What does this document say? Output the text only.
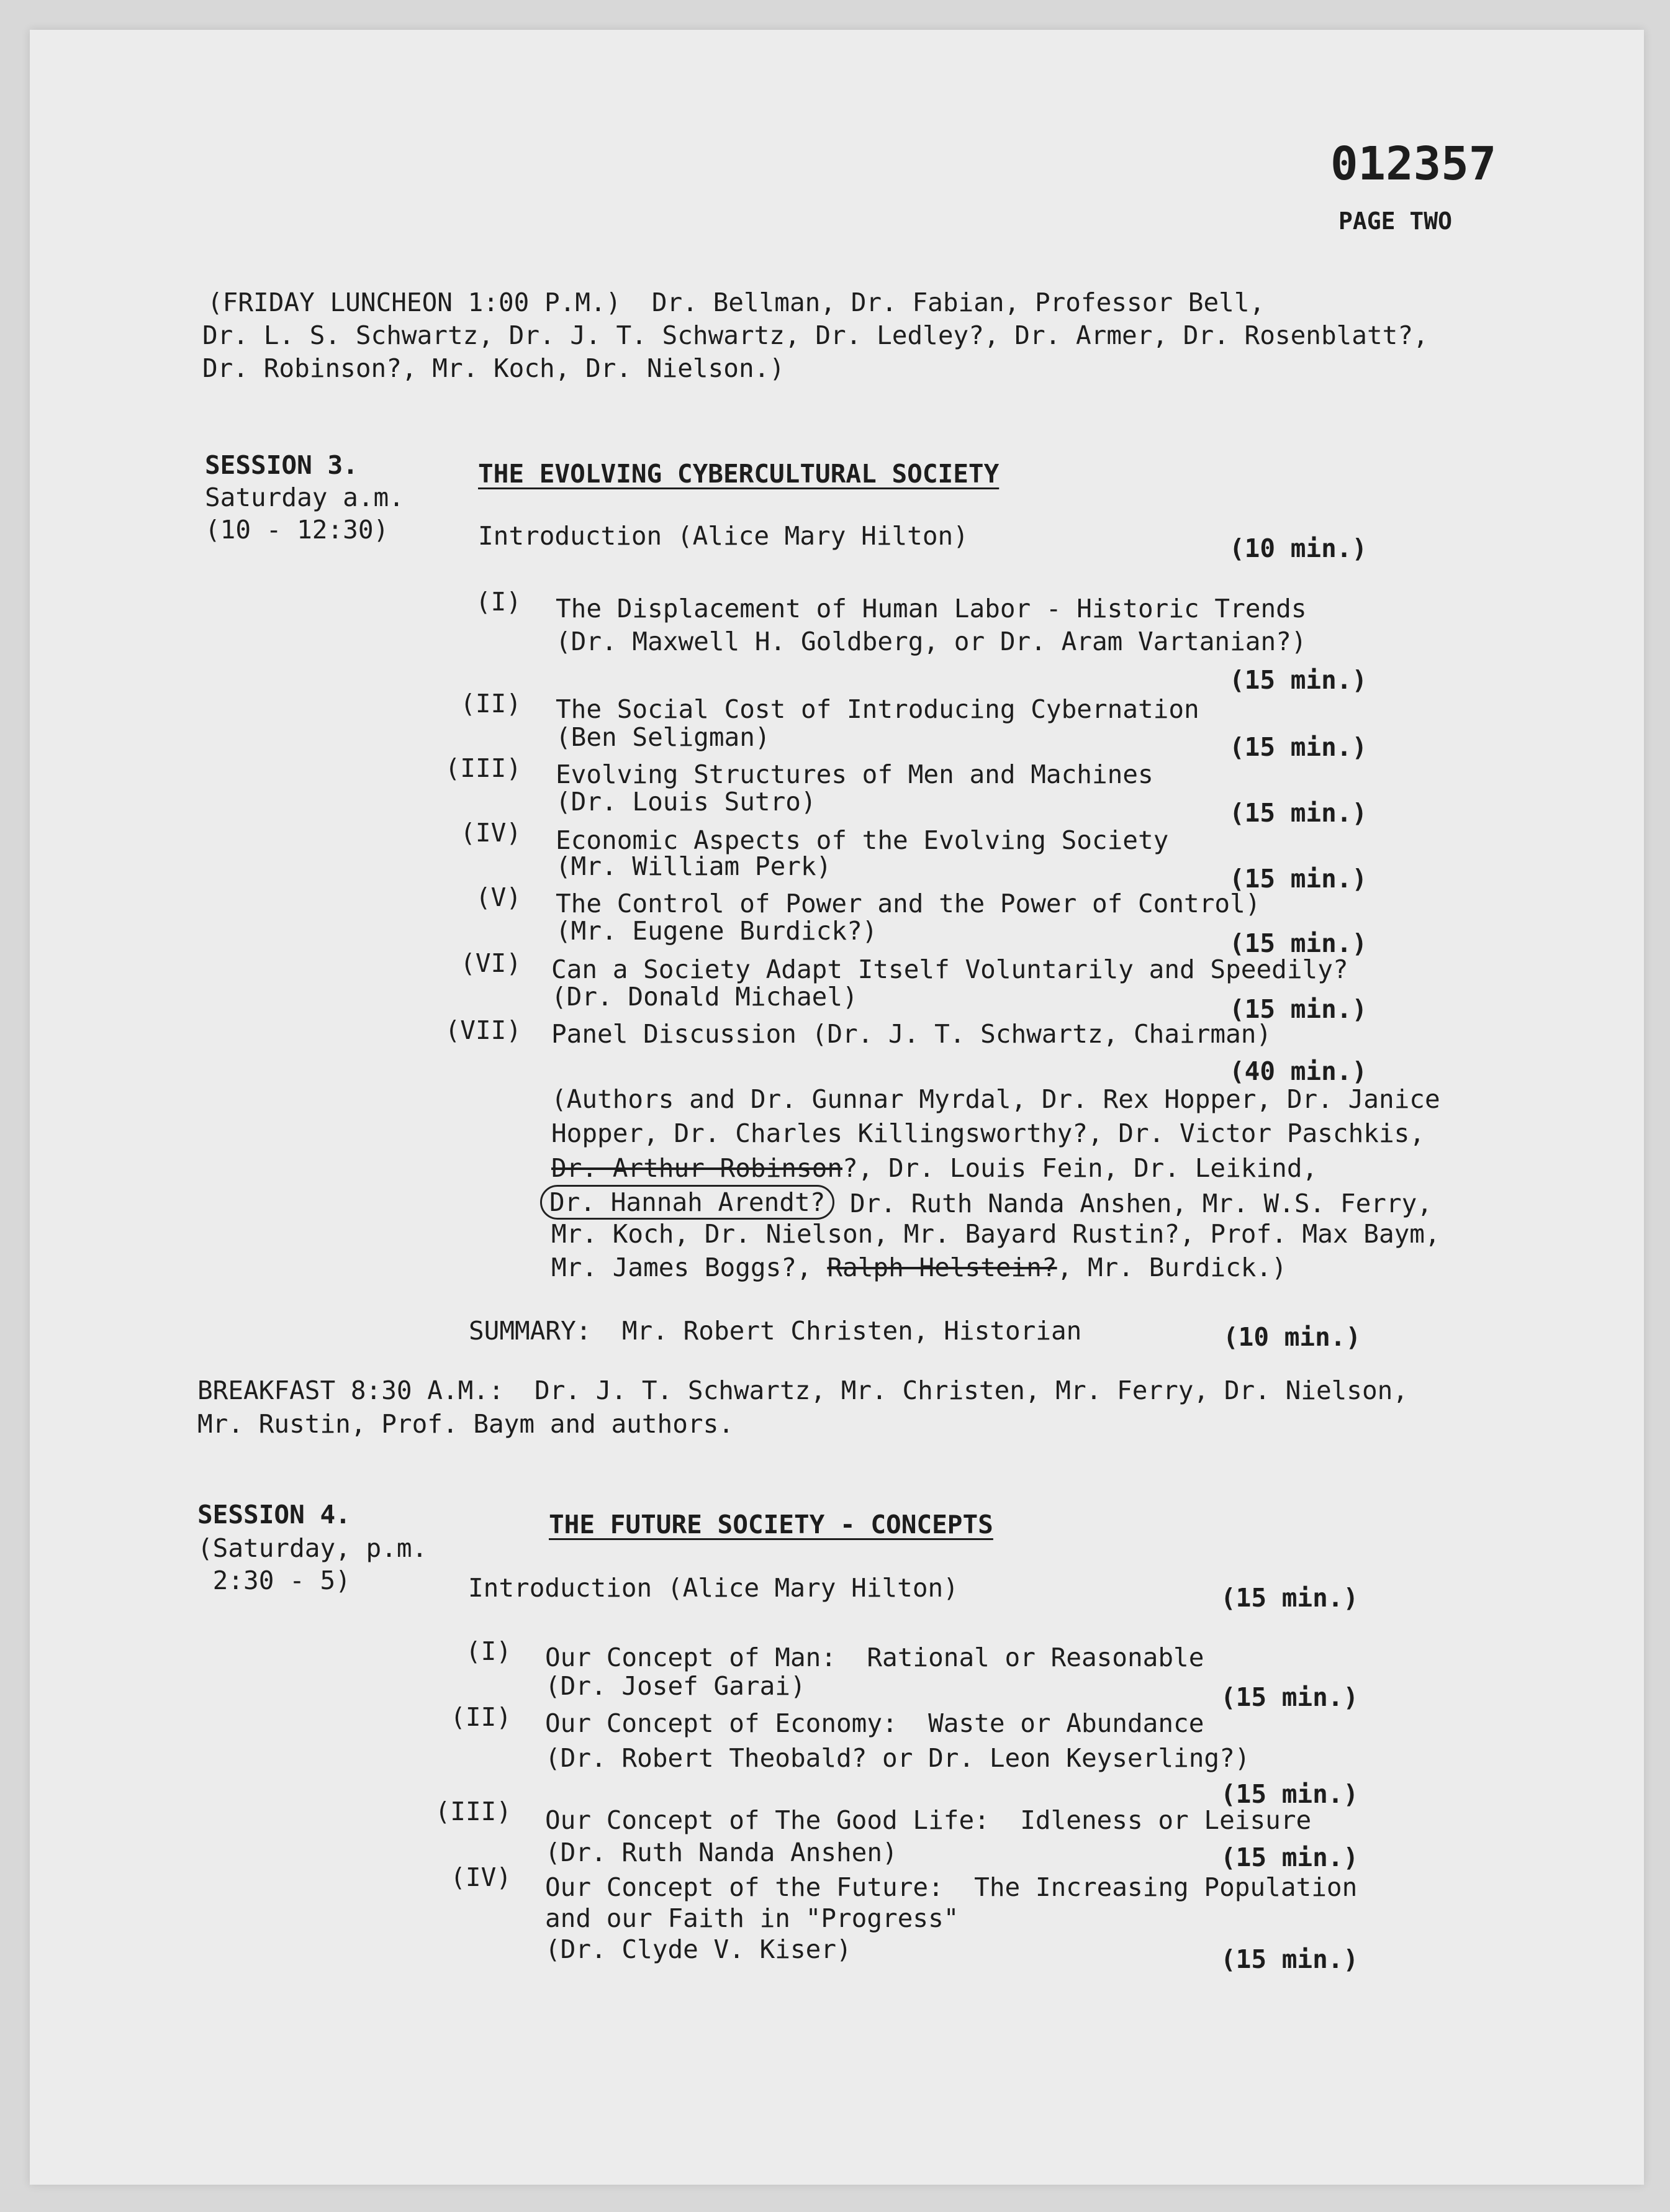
012357
PAGE TWO
(FRIDAY LUNCHEON 1:00 P.M.)  Dr. Bellman, Dr. Fabian, Professor Bell,
Dr. L. S. Schwartz, Dr. J. T. Schwartz, Dr. Ledley?, Dr. Armer, Dr. Rosenblatt?,
Dr. Robinson?, Mr. Koch, Dr. Nielson.)
SESSION 3.
Saturday a.m.
(10 - 12:30)
THE EVOLVING CYBERCULTURAL SOCIETY
Introduction (Alice Mary Hilton)	(10 min.)
(I) The Displacement of Human Labor - Historic Trends
(Dr. Maxwell H. Goldberg, or Dr. Aram Vartanian?)
(15 min.)
(II) The Social Cost of Introducing Cybernation
(Ben Seligman)	(15 min.)
(III) Evolving Structures of Men and Machines
(Dr. Louis Sutro)	(15 min.)
(IV) Economic Aspects of the Evolving Society
(Mr. William Perk)	(15 min.)
(V) The Control of Power and the Power of Control)
(Mr. Eugene Burdick?)	(15 min.)
(VI) Can a Society Adapt Itself Voluntarily and Speedily?
(Dr. Donald Michael)	(15 min.)
(VII) Panel Discussion (Dr. J. T. Schwartz, Chairman)
(40 min.)
(Authors and Dr. Gunnar Myrdal, Dr. Rex Hopper, Dr. Janice
Hopper, Dr. Charles Killingsworthy?, Dr. Victor Paschkis,
Dr. Arthur Robinson?, Dr. Louis Fein, Dr. Leikind,
Dr. Hannah Arendt? Dr. Ruth Nanda Anshen, Mr. W.S. Ferry,
Mr. Koch, Dr. Nielson, Mr. Bayard Rustin?, Prof. Max Baym,
Mr. James Boggs?, Ralph Helstein?, Mr. Burdick.)
SUMMARY:  Mr. Robert Christen, Historian	(10 min.)
BREAKFAST 8:30 A.M.:  Dr. J. T. Schwartz, Mr. Christen, Mr. Ferry, Dr. Nielson,
Mr. Rustin, Prof. Baym and authors.
SESSION 4.
(Saturday, p.m.
2:30 - 5)
THE FUTURE SOCIETY - CONCEPTS
Introduction (Alice Mary Hilton)	(15 min.)
(I) Our Concept of Man:  Rational or Reasonable
(Dr. Josef Garai)	(15 min.)
(II) Our Concept of Economy:  Waste or Abundance
(Dr. Robert Theobald? or Dr. Leon Keyserling?)
(15 min.)
(III) Our Concept of The Good Life:  Idleness or Leisure
(Dr. Ruth Nanda Anshen)	(15 min.)
(IV) Our Concept of the Future:  The Increasing Population
and our Faith in "Progress"
(Dr. Clyde V. Kiser)	(15 min.)
